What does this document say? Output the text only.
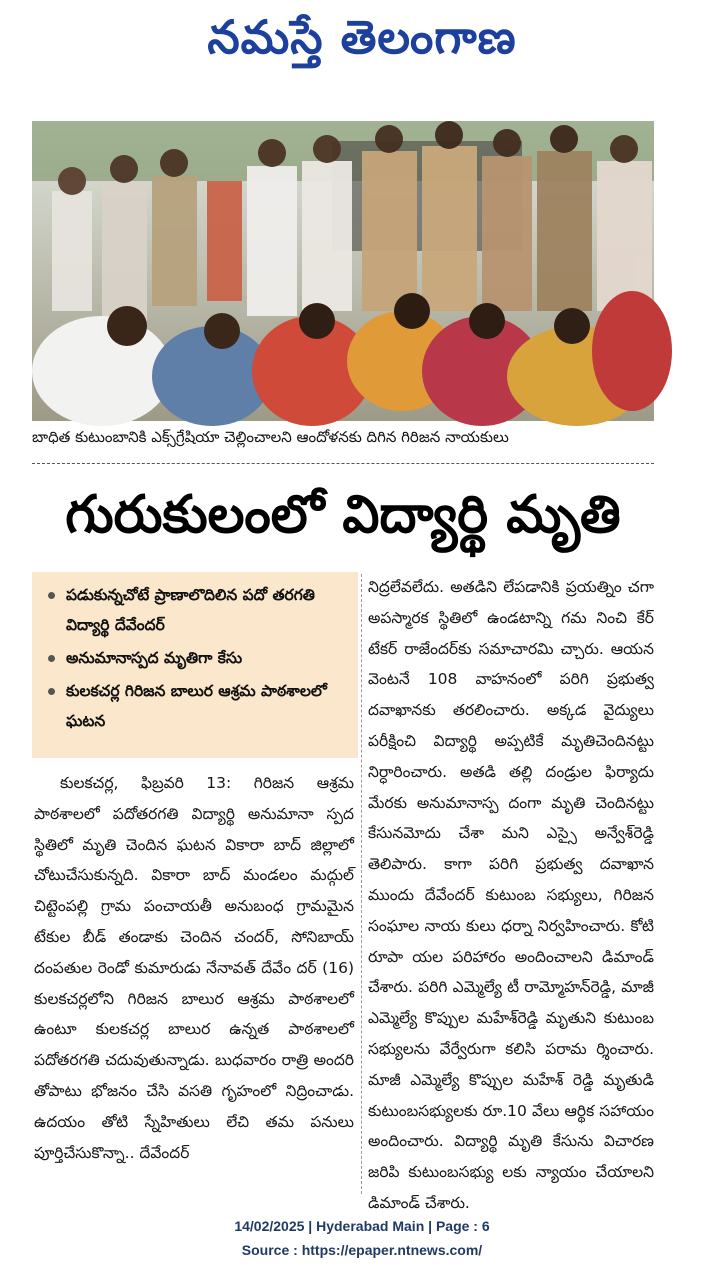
నమస్తే తెలంగాణ
బాధిత కుటుంబానికి ఎక్స్‌గ్రేషియా చెల్లించాలని ఆందోళనకు దిగిన గిరిజన నాయకులు
గురుకులంలో విద్యార్థి మృతి
పడుకున్నచోటే ప్రాణాలొదిలిన పదో తరగతి విద్యార్థి దేవేందర్
అనుమానాస్పద మృతిగా కేసు
కులకచర్ల గిరిజన బాలుర ఆశ్రమ పాఠశాలలో ఘటన

కులకచర్ల, ఫిబ్రవరి 13: గిరిజన ఆశ్రమ పాఠశాలలో పదోతరగతి విద్యార్థి అనుమానా స్పద స్థితిలో మృతి చెందిన ఘటన వికారా బాద్ జిల్లాలో చోటుచేసుకున్నది. వికారా బాద్ మండలం మద్గుల్ చిట్టెంపల్లి గ్రామ పంచాయతీ అనుబంధ గ్రామమైన టేకుల బీడ్ తండాకు చెందిన చందర్, సోనిబాయ్ దంపతుల రెండో కుమారుడు నేనావత్ దేవేం దర్ (16) కులకచర్లలోని గిరిజన బాలుర ఆశ్రమ పాఠశాలలో ఉంటూ కులకచర్ల బాలుర ఉన్నత పాఠశాలలో పదోతరగతి చదువుతున్నాడు. బుధవారం రాత్రి అందరి తోపాటు భోజనం చేసి వసతి గృహంలో నిద్రించాడు. ఉదయం తోటి స్నేహితులు లేచి తమ పనులు పూర్తిచేసుకొన్నా.. దేవేందర్

నిద్రలేవలేదు. అతడిని లేపడానికి ప్రయత్నిం చగా అపస్మారక స్థితిలో ఉండటాన్ని గమ నించి కేర్ టేకర్ రాజేందర్‌కు సమాచారమి చ్చారు. ఆయన వెంటనే 108 వాహనంలో పరిగి ప్రభుత్వ దవాఖానకు తరలించారు. అక్కడ వైద్యులు పరీక్షించి విద్యార్థి అప్పటికే మృతిచెందినట్టు నిర్ధారించారు. అతడి తల్లి దండ్రుల ఫిర్యాదు మేరకు అనుమానాస్ప దంగా మృతి చెందినట్టు కేసునమోదు చేశా మని ఎస్సై అన్వేశ్‌రెడ్డి తెలిపారు. కాగా పరిగి ప్రభుత్వ దవాఖాన ముందు దేవేందర్ కుటుంబ సభ్యులు, గిరిజన సంఘాల నాయ కులు ధర్నా నిర్వహించారు. కోటి రూపా యల పరిహారం అందించాలని డిమాండ్ చేశారు. పరిగి ఎమ్మెల్యే టీ రామ్మోహన్‌రెడ్డి, మాజీ ఎమ్మెల్యే కొప్పుల మహేశ్‌రెడ్డి మృతుని కుటుంబ సభ్యులను వేర్వేరుగా కలిసి పరామ ర్శించారు. మాజీ ఎమ్మెల్యే కొప్పుల మహేశ్ రెడ్డి మృతుడి కుటుంబసభ్యులకు రూ.10 వేలు ఆర్థిక సహాయం అందించారు. విద్యార్థి మృతి కేసును విచారణ జరిపి కుటుంబసభ్యు లకు న్యాయం చేయాలని డిమాండ్ చేశారు.

14/02/2025 | Hyderabad Main | Page : 6
Source : https://epaper.ntnews.com/
